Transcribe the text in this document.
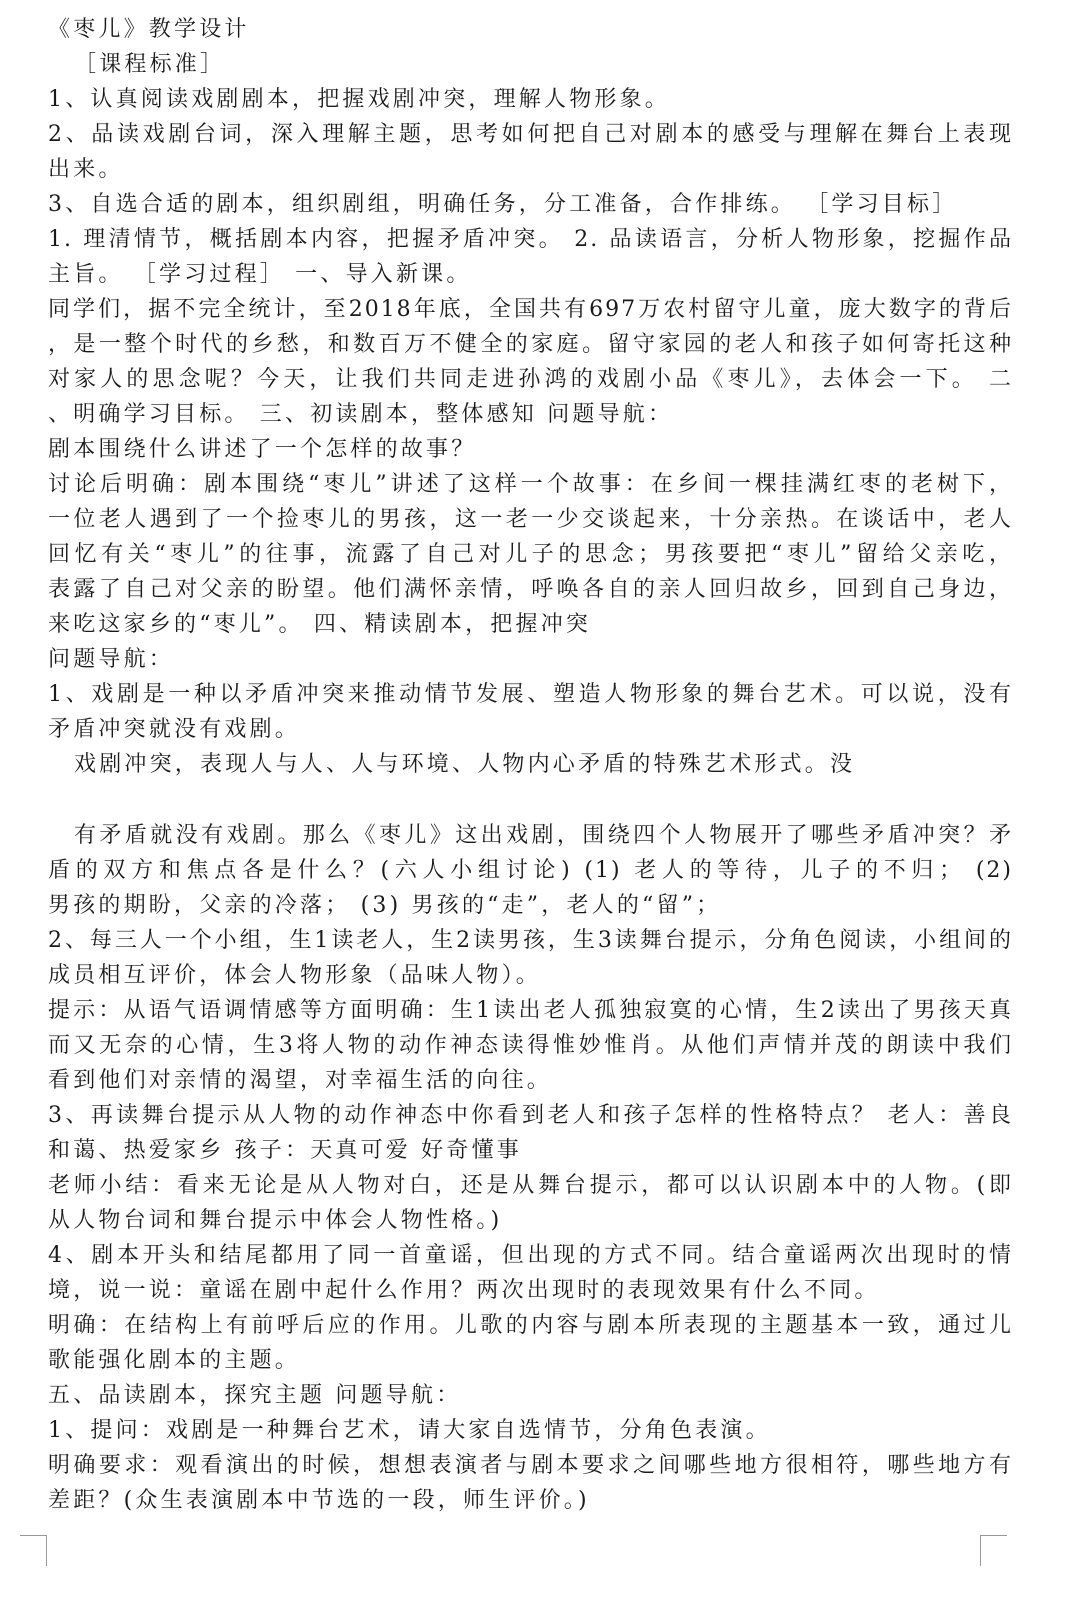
《枣儿》教学设计
［课程标准］
1、认真阅读戏剧剧本，把握戏剧冲突，理解人物形象。
2、品读戏剧台词，深入理解主题，思考如何把自己对剧本的感受与理解在舞台上表现
出来。
3、自选合适的剧本，组织剧组，明确任务，分工准备，合作排练。 ［学习目标］
1. 理清情节，概括剧本内容，把握矛盾冲突。 2. 品读语言，分析人物形象，挖掘作品
主旨。 ［学习过程］ 一、导入新课。
同学们，据不完全统计，至2018年底，全国共有697万农村留守儿童，庞大数字的背后
，是一整个时代的乡愁，和数百万不健全的家庭。留守家园的老人和孩子如何寄托这种
对家人的思念呢？今天，让我们共同走进孙鸿的戏剧小品《枣儿》，去体会一下。 二
、明确学习目标。 三、初读剧本，整体感知 问题导航：
剧本围绕什么讲述了一个怎样的故事？
讨论后明确：剧本围绕“枣儿”讲述了这样一个故事：在乡间一棵挂满红枣的老树下，
一位老人遇到了一个捡枣儿的男孩，这一老一少交谈起来，十分亲热。在谈话中，老人
回忆有关“枣儿”的往事，流露了自己对儿子的思念；男孩要把“枣儿”留给父亲吃，
表露了自己对父亲的盼望。他们满怀亲情，呼唤各自的亲人回归故乡，回到自己身边，
来吃这家乡的“枣儿”。 四、精读剧本，把握冲突
问题导航：
1、戏剧是一种以矛盾冲突来推动情节发展、塑造人物形象的舞台艺术。可以说，没有
矛盾冲突就没有戏剧。
戏剧冲突，表现人与人、人与环境、人物内心矛盾的特殊艺术形式。没
有矛盾就没有戏剧。那么《枣儿》这出戏剧，围绕四个人物展开了哪些矛盾冲突？矛
盾的双方和焦点各是什么？(六人小组讨论) (1) 老人的等待，儿子的不归； (2)
男孩的期盼，父亲的冷落； (3) 男孩的“走”，老人的“留”；
2、每三人一个小组，生1读老人，生2读男孩，生3读舞台提示，分角色阅读，小组间的
成员相互评价，体会人物形象（品味人物）。
提示：从语气语调情感等方面明确：生1读出老人孤独寂寞的心情，生2读出了男孩天真
而又无奈的心情，生3将人物的动作神态读得惟妙惟肖。从他们声情并茂的朗读中我们
看到他们对亲情的渴望，对幸福生活的向往。
3、再读舞台提示从人物的动作神态中你看到老人和孩子怎样的性格特点？ 老人：善良
和蔼、热爱家乡 孩子：天真可爱 好奇懂事
老师小结：看来无论是从人物对白，还是从舞台提示，都可以认识剧本中的人物。(即
从人物台词和舞台提示中体会人物性格。)
4、剧本开头和结尾都用了同一首童谣，但出现的方式不同。结合童谣两次出现时的情
境，说一说：童谣在剧中起什么作用？两次出现时的表现效果有什么不同。
明确：在结构上有前呼后应的作用。儿歌的内容与剧本所表现的主题基本一致，通过儿
歌能强化剧本的主题。
五、品读剧本，探究主题 问题导航：
1、提问：戏剧是一种舞台艺术，请大家自选情节，分角色表演。
明确要求：观看演出的时候，想想表演者与剧本要求之间哪些地方很相符，哪些地方有
差距？(众生表演剧本中节选的一段，师生评价。)
